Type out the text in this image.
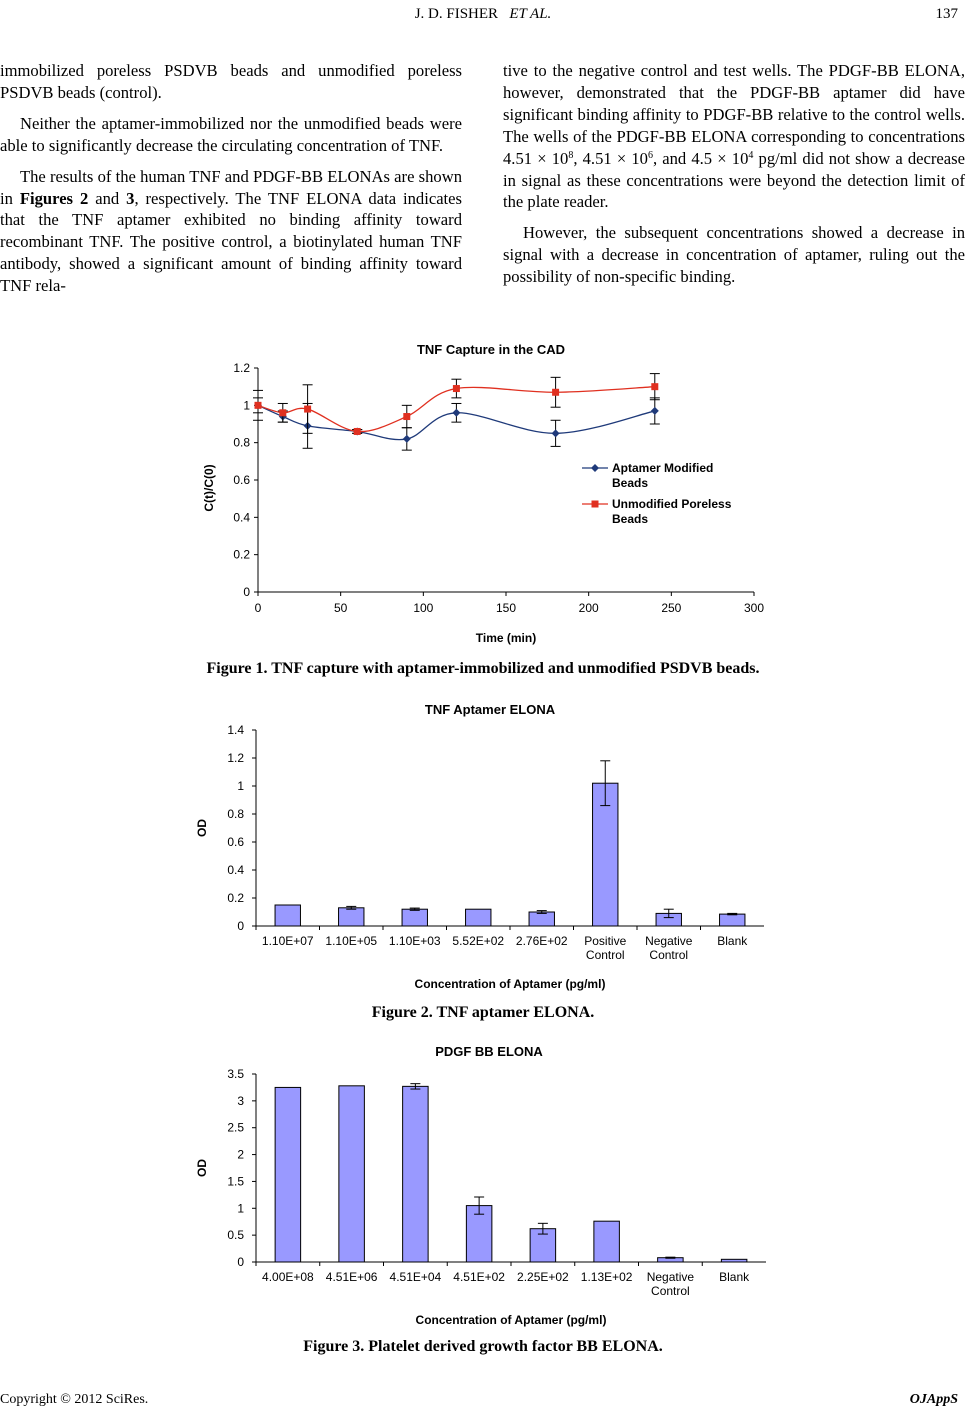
J. D. FISHER ET AL.	137

immobilized poreless PSDVB beads and unmodified poreless PSDVB beads (control).

Neither the aptamer-immobilized nor the unmodified beads were able to significantly decrease the circulating concentration of TNF.

The results of the human TNF and PDGF-BB ELONAs are shown in Figures 2 and 3, respectively. The TNF ELONA data indicates that the TNF aptamer exhibited no binding affinity toward recombinant TNF. The positive control, a biotinylated human TNF antibody, showed a significant amount of binding affinity toward TNF rela-

tive to the negative control and test wells. The PDGF-BB ELONA, however, demonstrated that the PDGF-BB aptamer did have significant binding affinity to PDGF-BB relative to the control wells. The wells of the PDGF-BB ELONA corresponding to concentrations $4.51 \times 10^8$, $4.51 \times 10^6$, and $4.5 \times 10^4$ pg/ml did not show a decrease in signal as these concentrations were beyond the detection limit of the plate reader.

However, the subsequent concentrations showed a decrease in signal with a decrease in concentration of aptamer, ruling out the possibility of non-specific binding.

TNF Capture in the CAD
0
0.2
0.4
0.6
0.8
1
1.2
0	50	100	150	200	250	300
Time (min)
C(t)/C(0)	Aptamer Modified
Beads
Unmodified Poreless
Beads
Figure 1. TNF capture with aptamer-immobilized and unmodified PSDVB beads.
TNF Aptamer ELONA
0
0.2
0.4
0.6
0.8
1
1.2
1.4
1.10E+07 1.10E+05 1.10E+03 5.52E+02 2.76E+02 Positive
Control
Negative
Control
Blank
Concentration of Aptamer (pg/ml)
OD
Figure 2. TNF aptamer ELONA.
PDGF BB ELONA
0
0.5
1
1.5
2
2.5
3
3.5
4.00E+08 4.51E+06 4.51E+04 4.51E+02 2.25E+02 1.13E+02 Negative
Control
Blank
Concentration of Aptamer (pg/ml)
OD
Figure 3. Platelet derived growth factor BB ELONA.
Copyright © 2012 SciRes.	OJAppS
